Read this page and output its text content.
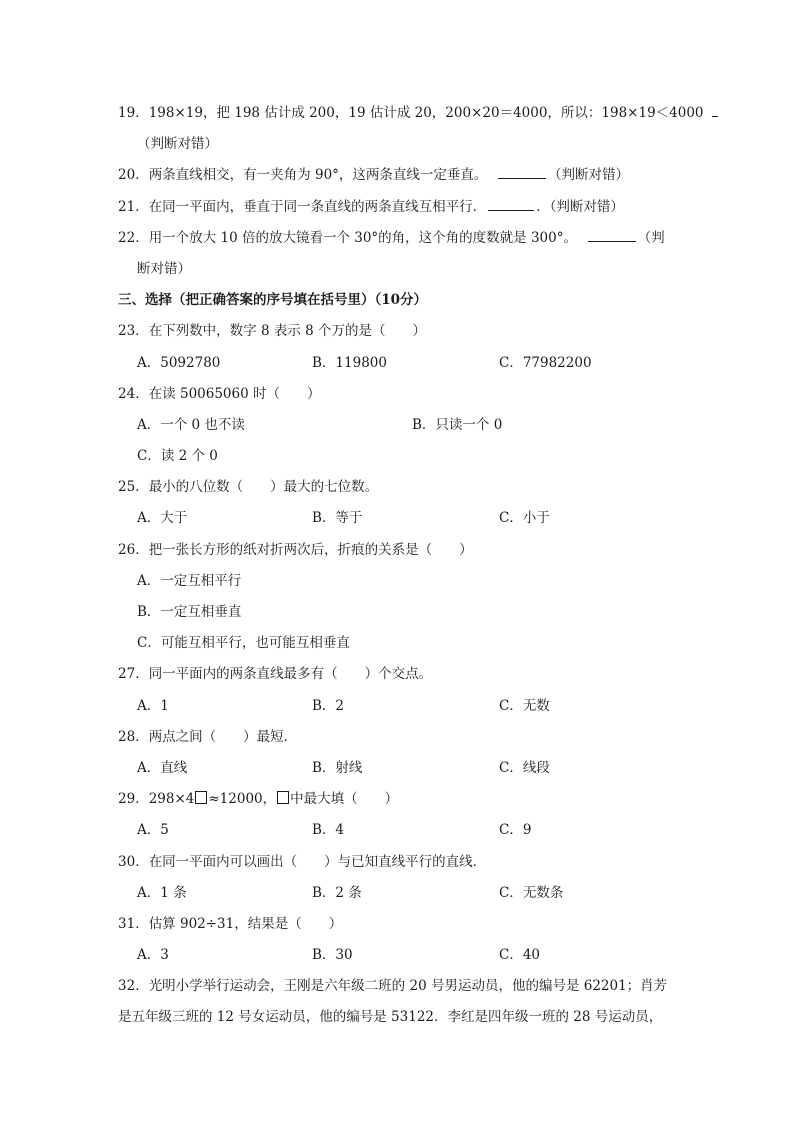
19．198×19，把 198 估计成 200，19 估计成 20，200×20＝4000，所以：198×19＜4000
（判断对错）
20．两条直线相交，有一夹角为 90°，这两条直线一定垂直。	（判断对错）
21．在同一平面内，垂直于同一条直线的两条直线互相平行．	．（判断对错）
22．用一个放大 10 倍的放大镜看一个 30°的角，这个角的度数就是 300°。	（判
断对错）
三、选择（把正确答案的序号填在括号里）（10分）
23．在下列数中，数字 8 表示 8 个万的是（　　）
A．5092780	B．119800	C．77982200
24．在读 50065060 时（　　）
A．一个 0 也不读	B．只读一个 0
C．读 2 个 0
25．最小的八位数（　　）最大的七位数。
A．大于	B．等于	C．小于
26．把一张长方形的纸对折两次后，折痕的关系是（　　）
A．一定互相平行
B．一定互相垂直
C．可能互相平行，也可能互相垂直
27．同一平面内的两条直线最多有（　　）个交点。
A．1	B．2	C．无数
28．两点之间（　　）最短．
A．直线	B．射线	C．线段
29．298×4 ≈12000， 中最大填（　　）
A．5	B．4	C．9
30．在同一平面内可以画出（　　）与已知直线平行的直线．
A．1 条	B．2 条	C．无数条
31．估算 902÷31，结果是（　　）
A．3	B．30	C．40
32．光明小学举行运动会，王刚是六年级二班的 20 号男运动员，他的编号是 62201；肖芳
是五年级三班的 12 号女运动员，他的编号是 53122．李红是四年级一班的 28 号运动员，
